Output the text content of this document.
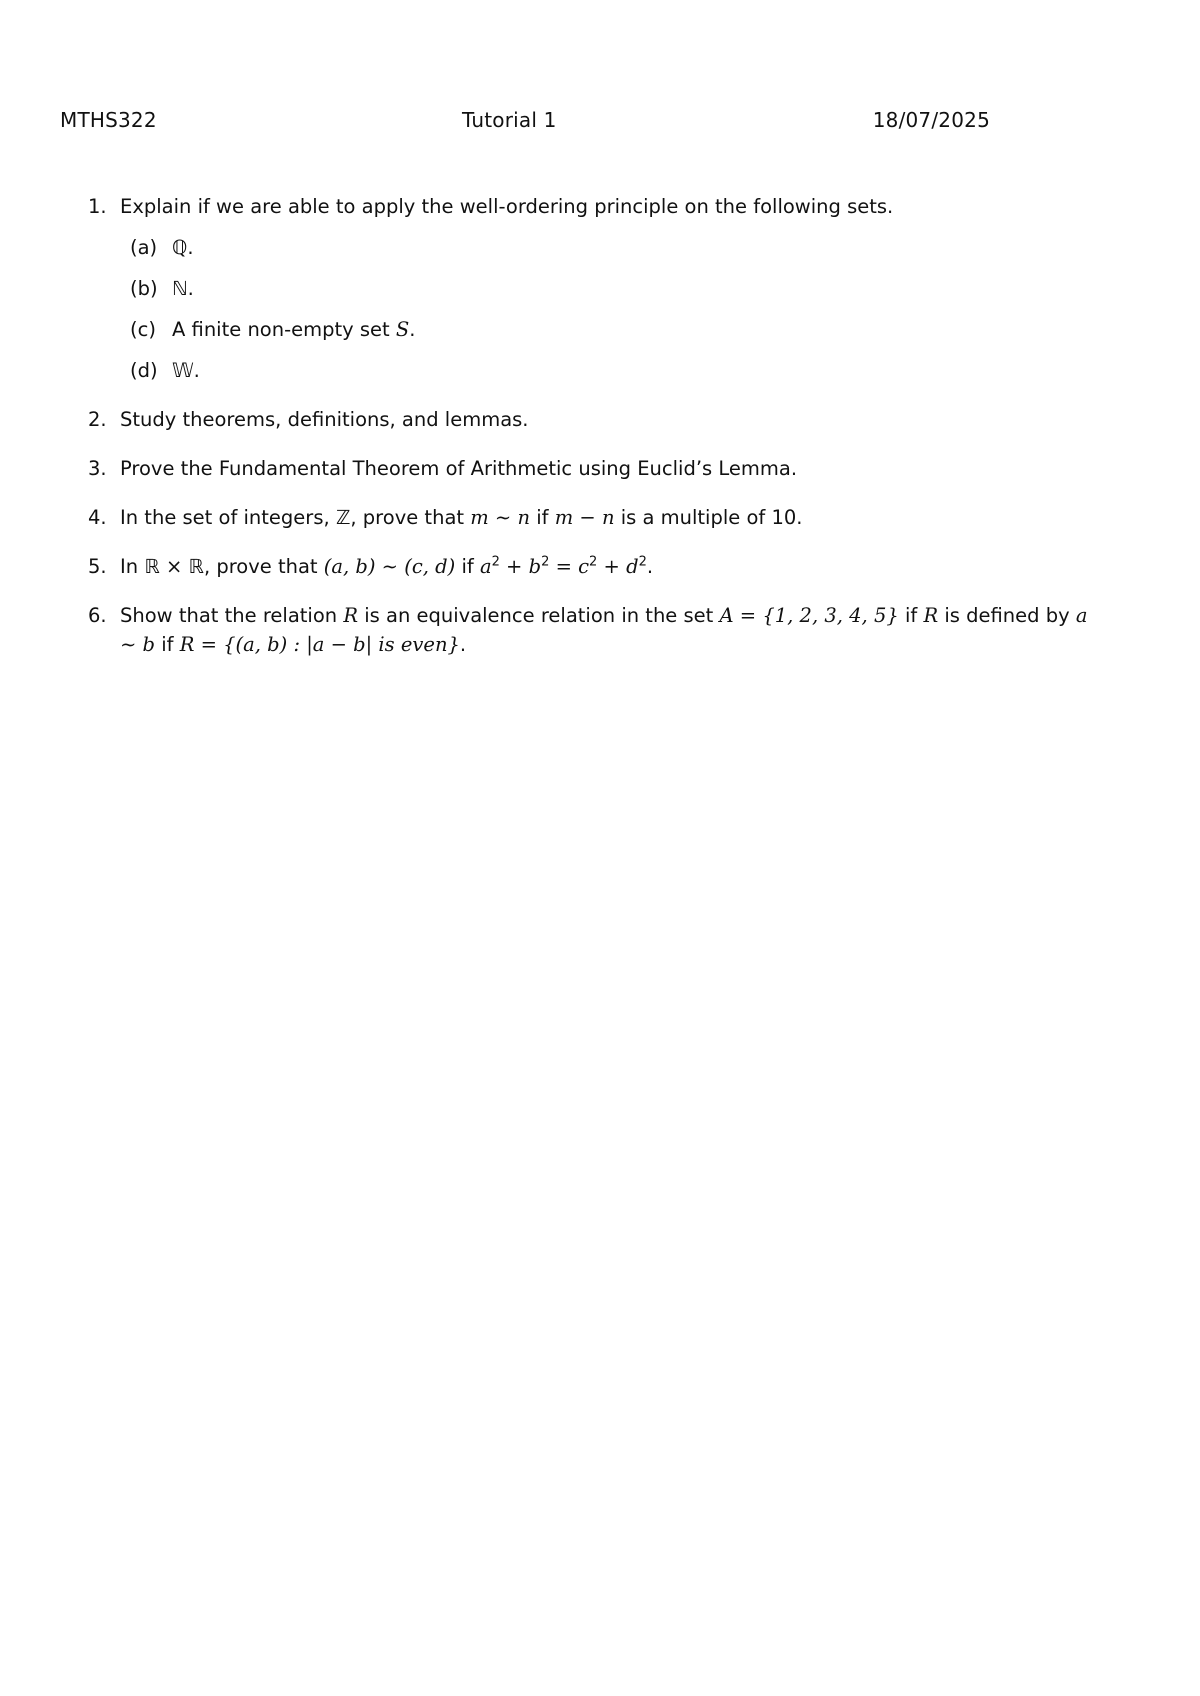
MTHS322	Tutorial 1	18/07/2025
1. Explain if we are able to apply the well-ordering principle on the following sets.
(a) ℚ.
(b) ℕ.
(c) A finite non-empty set S.
(d) 𝕎.
2. Study theorems, definitions, and lemmas.
3. Prove the Fundamental Theorem of Arithmetic using Euclid’s Lemma.
4. In the set of integers, ℤ, prove that m ∼ n if m − n is a multiple of 10.
5. In ℝ × ℝ, prove that (a, b) ∼ (c, d) if $a^2 + b^2 = c^2 + d^2$.
6. Show that the relation R is an equivalence relation in the set A = {1, 2, 3, 4, 5} if R is defined by a ∼ b if R = {(a, b) : |a − b| is even}.
